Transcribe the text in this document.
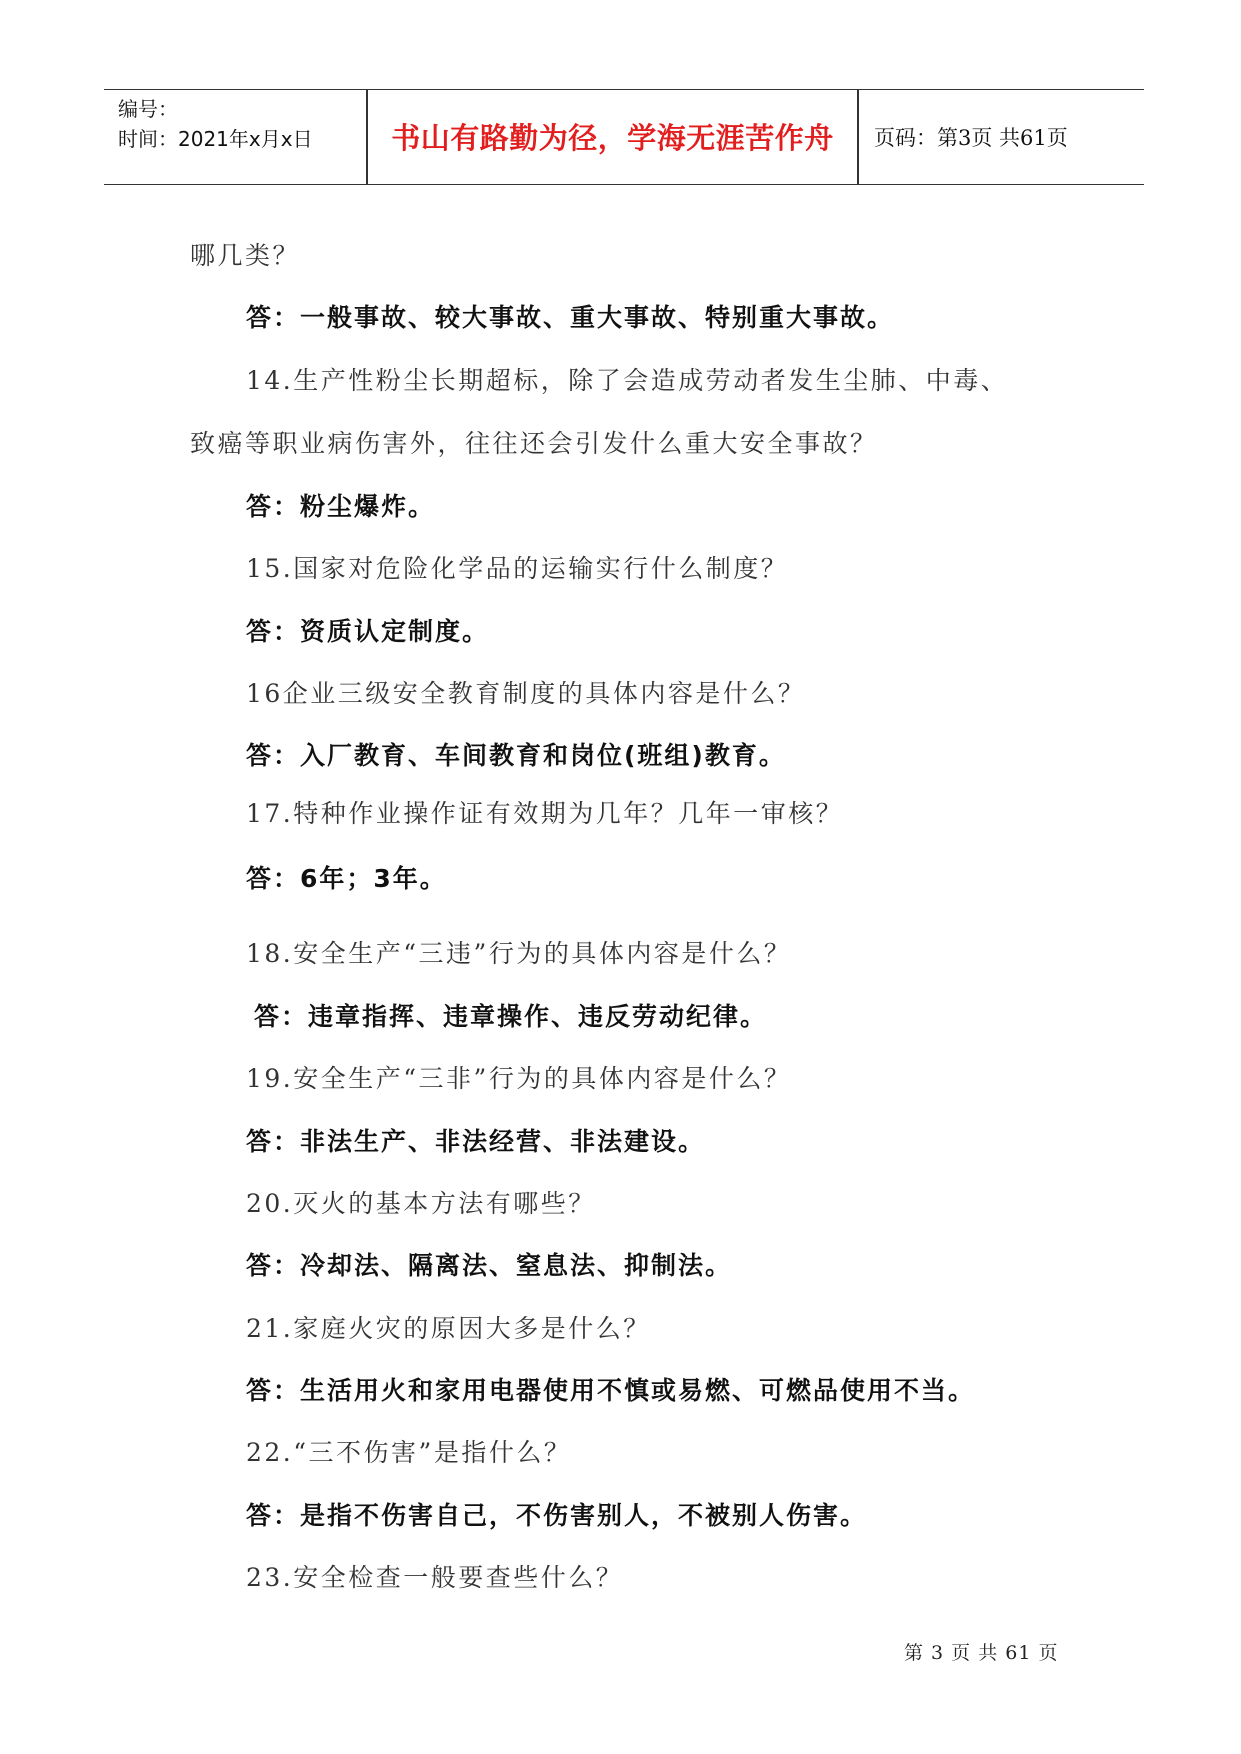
编号：
时间：2021年x月x日	书山有路勤为径，学海无涯苦作舟	页码：第3页 共61页
哪几类？
答：一般事故、较大事故、重大事故、特别重大事故。
14.生产性粉尘长期超标，除了会造成劳动者发生尘肺、中毒、
致癌等职业病伤害外，往往还会引发什么重大安全事故？
答：粉尘爆炸。
15.国家对危险化学品的运输实行什么制度？
答：资质认定制度。
16企业三级安全教育制度的具体内容是什么？
答：入厂教育、车间教育和岗位(班组)教育。
17.特种作业操作证有效期为几年？几年一审核？
答：6年；3年。
18.安全生产“三违”行为的具体内容是什么？
答：违章指挥、违章操作、违反劳动纪律。
19.安全生产“三非”行为的具体内容是什么？
答：非法生产、非法经营、非法建设。
20.灭火的基本方法有哪些？
答：冷却法、隔离法、窒息法、抑制法。
21.家庭火灾的原因大多是什么？
答：生活用火和家用电器使用不慎或易燃、可燃品使用不当。
22.“三不伤害”是指什么？
答：是指不伤害自己，不伤害别人，不被别人伤害。
23.安全检查一般要查些什么？
第 3 页 共 61 页
